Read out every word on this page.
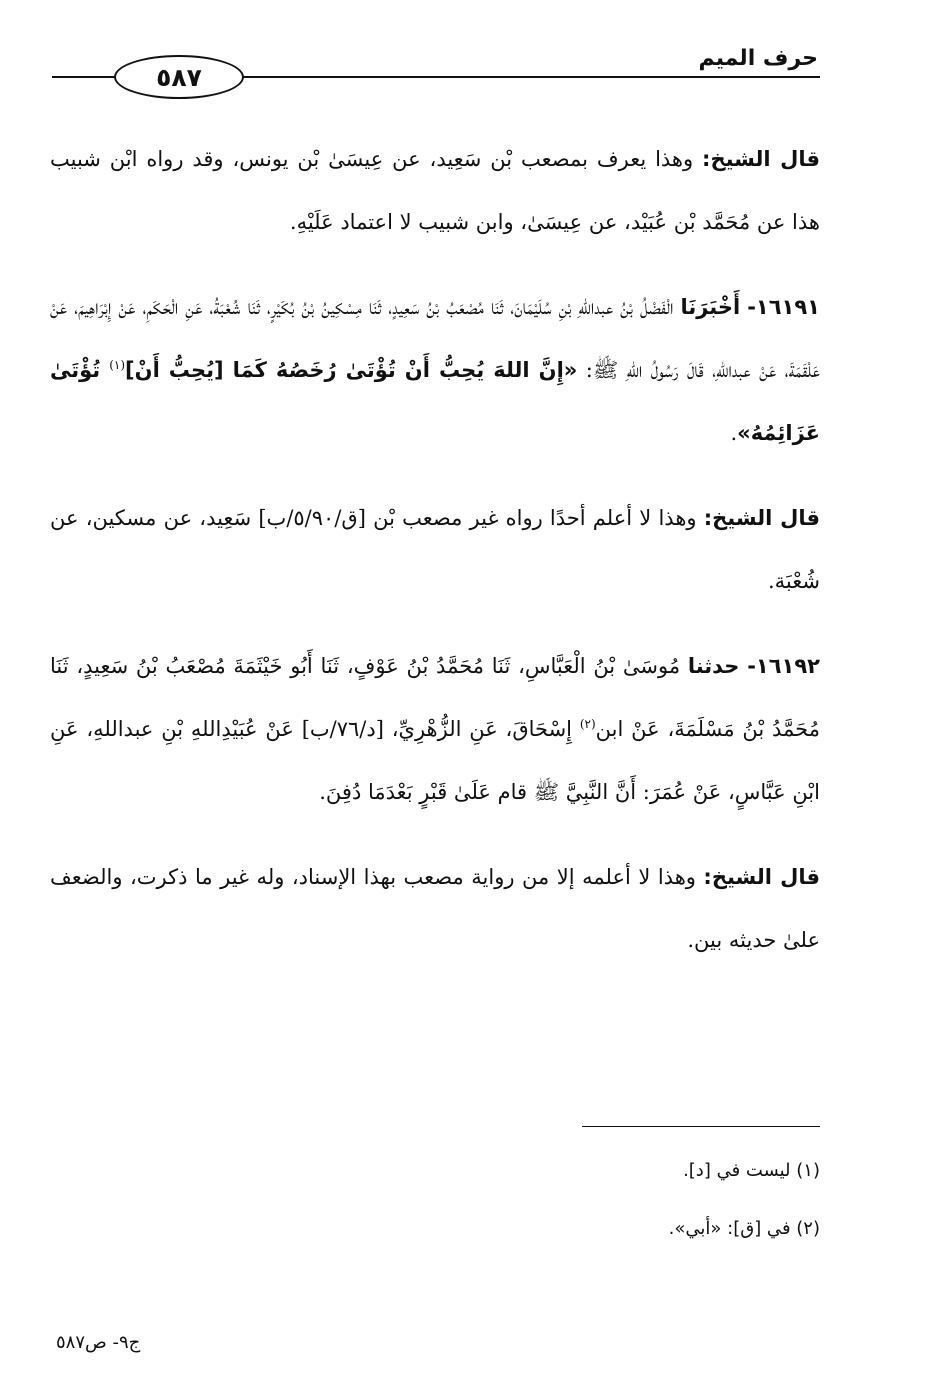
٥٨٧
حرف الميم

قال الشيخ: وهذا يعرف بمصعب بْن سَعِيد، عن عِيسَىٰ بْن يونس، وقد رواه ابْن شبيب هذا عن مُحَمَّد بْن عُبَيْد، عن عِيسَىٰ، وابن شبيب لا اعتماد عَلَيْهِ.

١٦١٩١- أَخْبَرَنَا الْفَضْلُ بْنُ عبداللهِ بْنِ سُلَيْمَانَ، ثَنَا مُصْعَبُ بْنُ سَعِيدٍ، ثَنَا مِسْكِينُ بْنُ بُكَيْرٍ، ثَنَا شُعْبَةُ، عَنِ الْحَكَمِ، عَنْ إِبْرَاهِيمَ، عَنْ عَلْقَمَةَ، عَنْ عبداللهِ، قَالَ رَسُولُ اللهِ ﷺ: «إِنَّ اللهَ يُحِبُّ أَنْ تُؤْتَىٰ رُخَصُهُ كَمَا [يُحِبُّ أَنْ]$^{(١)}$ تُؤْتَىٰ عَزَائِمُهُ».

قال الشيخ: وهذا لا أعلم أحدًا رواه غير مصعب بْن [ق/٥/٩٠/ب] سَعِيد، عن مسكين، عن شُعْبَة.

١٦١٩٢- حدثنا مُوسَىٰ بْنُ الْعَبَّاسِ، ثَنَا مُحَمَّدُ بْنُ عَوْفٍ، ثَنَا أَبُو خَيْثَمَةَ مُصْعَبُ بْنُ سَعِيدٍ، ثَنَا مُحَمَّدُ بْنُ مَسْلَمَةَ، عَنْ ابن$^{(٢)}$ إِسْحَاقَ، عَنِ الزُّهْرِيِّ، [د/٧٦/ب] عَنْ عُبَيْدِاللهِ بْنِ عبداللهِ، عَنِ ابْنِ عَبَّاسٍ، عَنْ عُمَرَ: أَنَّ النَّبِيَّ ﷺ قام عَلَىٰ قَبْرٍ بَعْدَمَا دُفِنَ.

قال الشيخ: وهذا لا أعلمه إلا من رواية مصعب بهذا الإسناد، وله غير ما ذكرت، والضعف علىٰ حديثه بين.

(١) ليست في [د].

(٢) في [ق]: «أبي».

ج٩- ص٥٨٧
